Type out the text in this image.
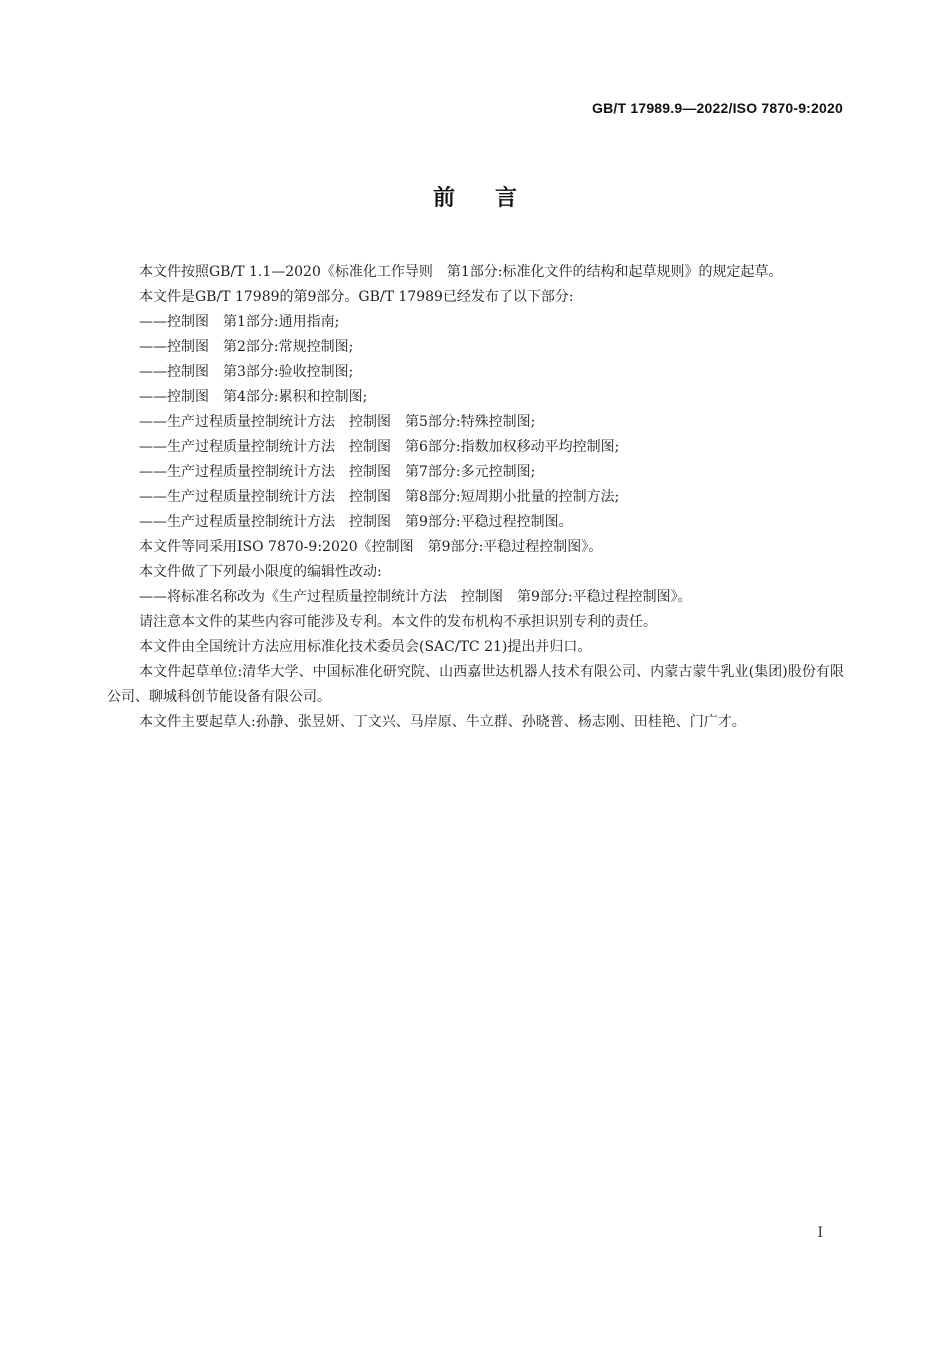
GB/T 17989.9—2022/ISO 7870-9:2020
前言

本文件按照GB/T 1.1—2020《标准化工作导则　第1部分:标准化文件的结构和起草规则》的规定起草。

本文件是GB/T 17989的第9部分。GB/T 17989已经发布了以下部分:

——控制图　第1部分:通用指南;

——控制图　第2部分:常规控制图;

——控制图　第3部分:验收控制图;

——控制图　第4部分:累积和控制图;

——生产过程质量控制统计方法　控制图　第5部分:特殊控制图;

——生产过程质量控制统计方法　控制图　第6部分:指数加权移动平均控制图;

——生产过程质量控制统计方法　控制图　第7部分:多元控制图;

——生产过程质量控制统计方法　控制图　第8部分:短周期小批量的控制方法;

——生产过程质量控制统计方法　控制图　第9部分:平稳过程控制图。

本文件等同采用ISO 7870-9:2020《控制图　第9部分:平稳过程控制图》。

本文件做了下列最小限度的编辑性改动:

——将标准名称改为《生产过程质量控制统计方法　控制图　第9部分:平稳过程控制图》。

请注意本文件的某些内容可能涉及专利。本文件的发布机构不承担识别专利的责任。

本文件由全国统计方法应用标准化技术委员会(SAC/TC 21)提出并归口。

本文件起草单位:清华大学、中国标准化研究院、山西嘉世达机器人技术有限公司、内蒙古蒙牛乳业(集团)股份有限公司、聊城科创节能设备有限公司。

本文件主要起草人:孙静、张昱妍、丁文兴、马岸原、牛立群、孙晓普、杨志刚、田桂艳、门广才。

I
